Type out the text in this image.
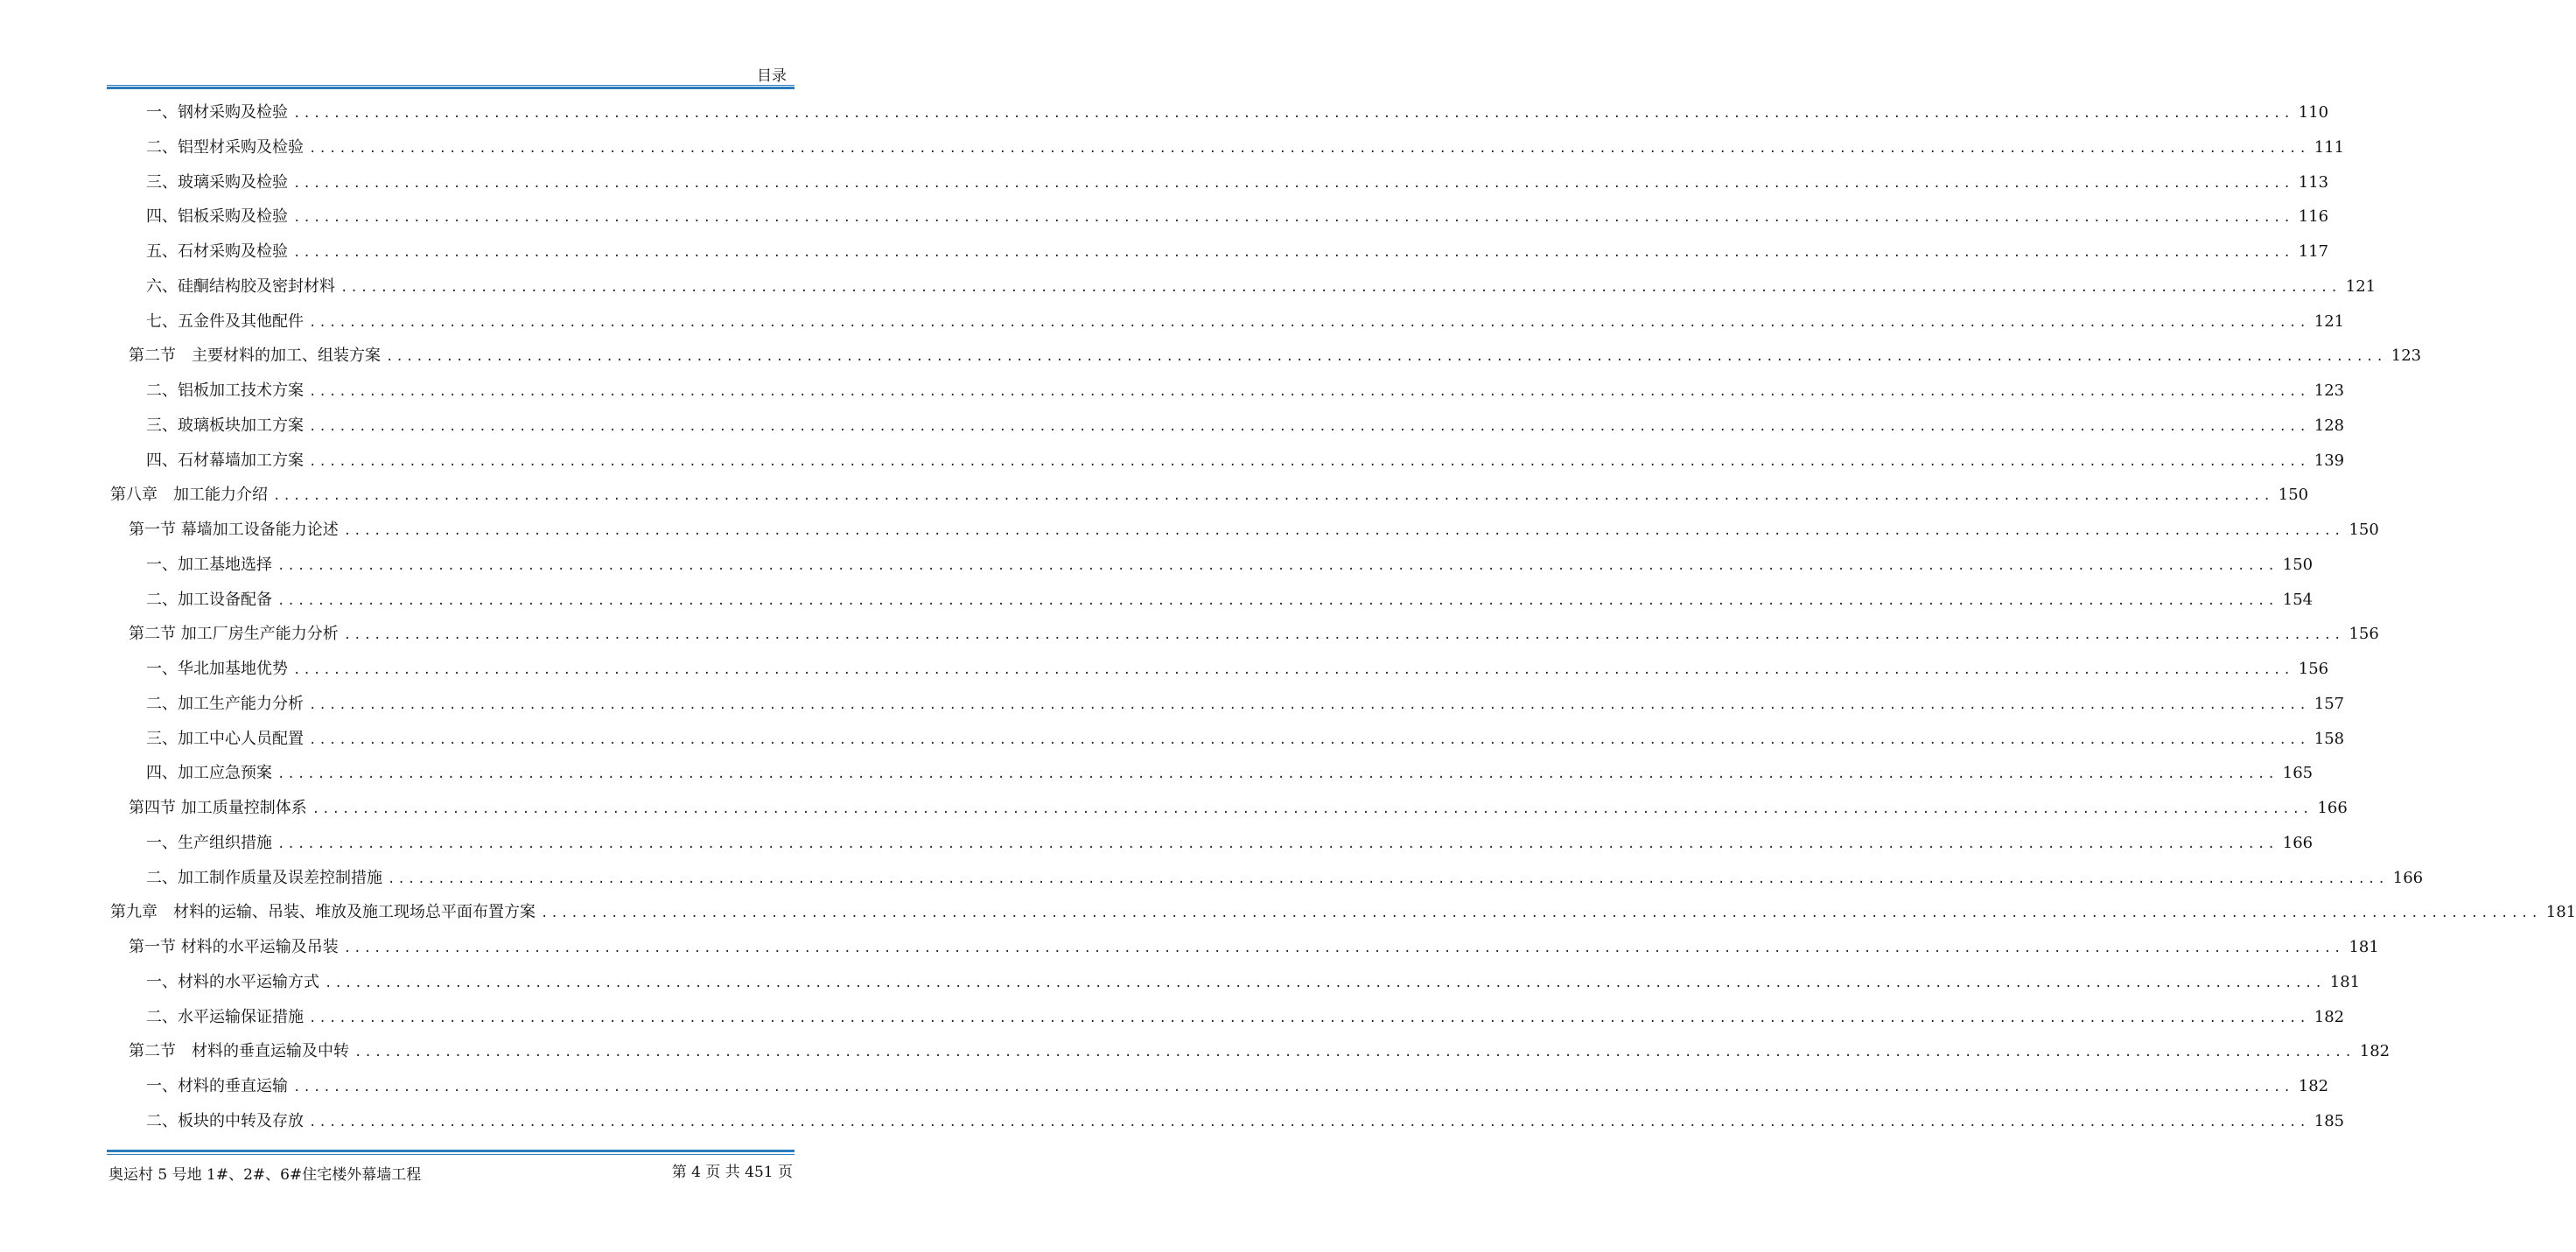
目录
一、钢材采购及检验 ........................................................................................................................................................................................................ 110
二、铝型材采购及检验 ........................................................................................................................................................................................................ 111
三、玻璃采购及检验 ........................................................................................................................................................................................................ 113
四、铝板采购及检验 ........................................................................................................................................................................................................ 116
五、石材采购及检验 ........................................................................................................................................................................................................ 117
六、硅酮结构胶及密封材料 ........................................................................................................................................................................................................ 121
七、五金件及其他配件 ........................................................................................................................................................................................................ 121
第二节　主要材料的加工、组装方案 ........................................................................................................................................................................................................ 123
二、铝板加工技术方案 ........................................................................................................................................................................................................ 123
三、玻璃板块加工方案 ........................................................................................................................................................................................................ 128
四、石材幕墙加工方案 ........................................................................................................................................................................................................ 139
第八章　加工能力介绍 ........................................................................................................................................................................................................ 150
第一节 幕墙加工设备能力论述 ........................................................................................................................................................................................................ 150
一、加工基地选择 ........................................................................................................................................................................................................ 150
二、加工设备配备 ........................................................................................................................................................................................................ 154
第二节 加工厂房生产能力分析 ........................................................................................................................................................................................................ 156
一、华北加基地优势 ........................................................................................................................................................................................................ 156
二、加工生产能力分析 ........................................................................................................................................................................................................ 157
三、加工中心人员配置 ........................................................................................................................................................................................................ 158
四、加工应急预案 ........................................................................................................................................................................................................ 165
第四节 加工质量控制体系 ........................................................................................................................................................................................................ 166
一、生产组织措施 ........................................................................................................................................................................................................ 166
二、加工制作质量及误差控制措施 ........................................................................................................................................................................................................ 166
第九章　材料的运输、吊装、堆放及施工现场总平面布置方案 ........................................................................................................................................................................................................ 181
第一节 材料的水平运输及吊装 ........................................................................................................................................................................................................ 181
一、材料的水平运输方式 ........................................................................................................................................................................................................ 181
二、水平运输保证措施 ........................................................................................................................................................................................................ 182
第二节　材料的垂直运输及中转 ........................................................................................................................................................................................................ 182
一、材料的垂直运输 ........................................................................................................................................................................................................ 182
二、板块的中转及存放 ........................................................................................................................................................................................................ 185
奥运村 5 号地 1#、2#、6#住宅楼外幕墙工程	第 4 页 共 451 页
